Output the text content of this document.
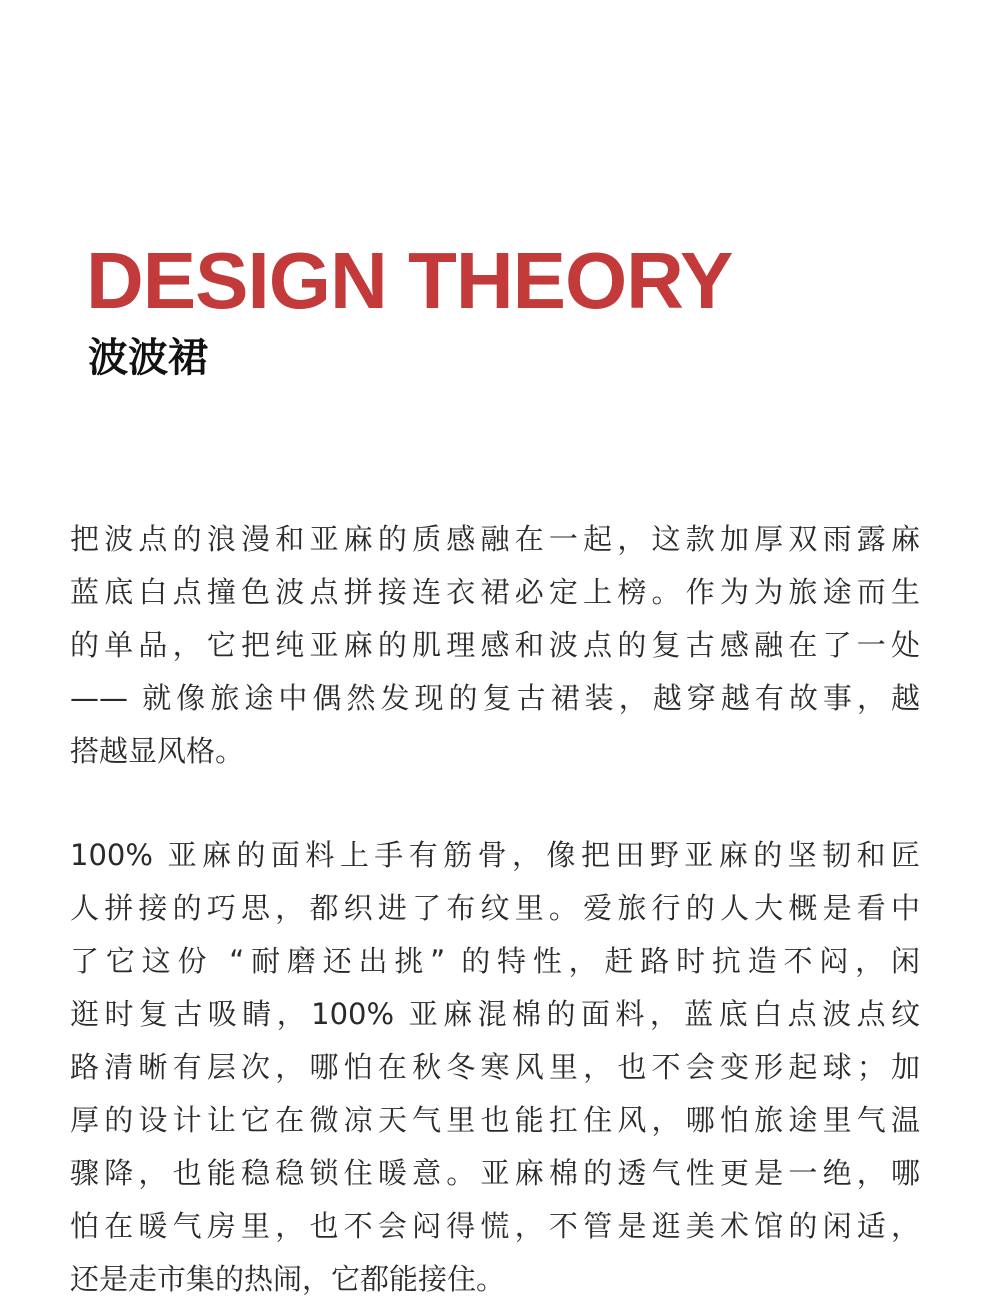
DESIGN THEORY
波波裙

把波点的浪漫和亚麻的质感融在一起，这款加厚双雨露麻
蓝底白点撞色波点拼接连衣裙必定上榜。作为为旅途而生
的单品，它把纯亚麻的肌理感和波点的复古感融在了一处
—— 就像旅途中偶然发现的复古裙装，越穿越有故事，越
搭越显风格。

100% 亚麻的面料上手有筋骨，像把田野亚麻的坚韧和匠
人拼接的巧思，都织进了布纹里。爱旅行的人大概是看中
了它这份 “耐磨还出挑” 的特性，赶路时抗造不闷，闲
逛时复古吸睛，100% 亚麻混棉的面料，蓝底白点波点纹
路清晰有层次，哪怕在秋冬寒风里，也不会变形起球；加
厚的设计让它在微凉天气里也能扛住风，哪怕旅途里气温
骤降，也能稳稳锁住暖意。亚麻棉的透气性更是一绝，哪
怕在暖气房里，也不会闷得慌，不管是逛美术馆的闲适，
还是走市集的热闹，它都能接住。
